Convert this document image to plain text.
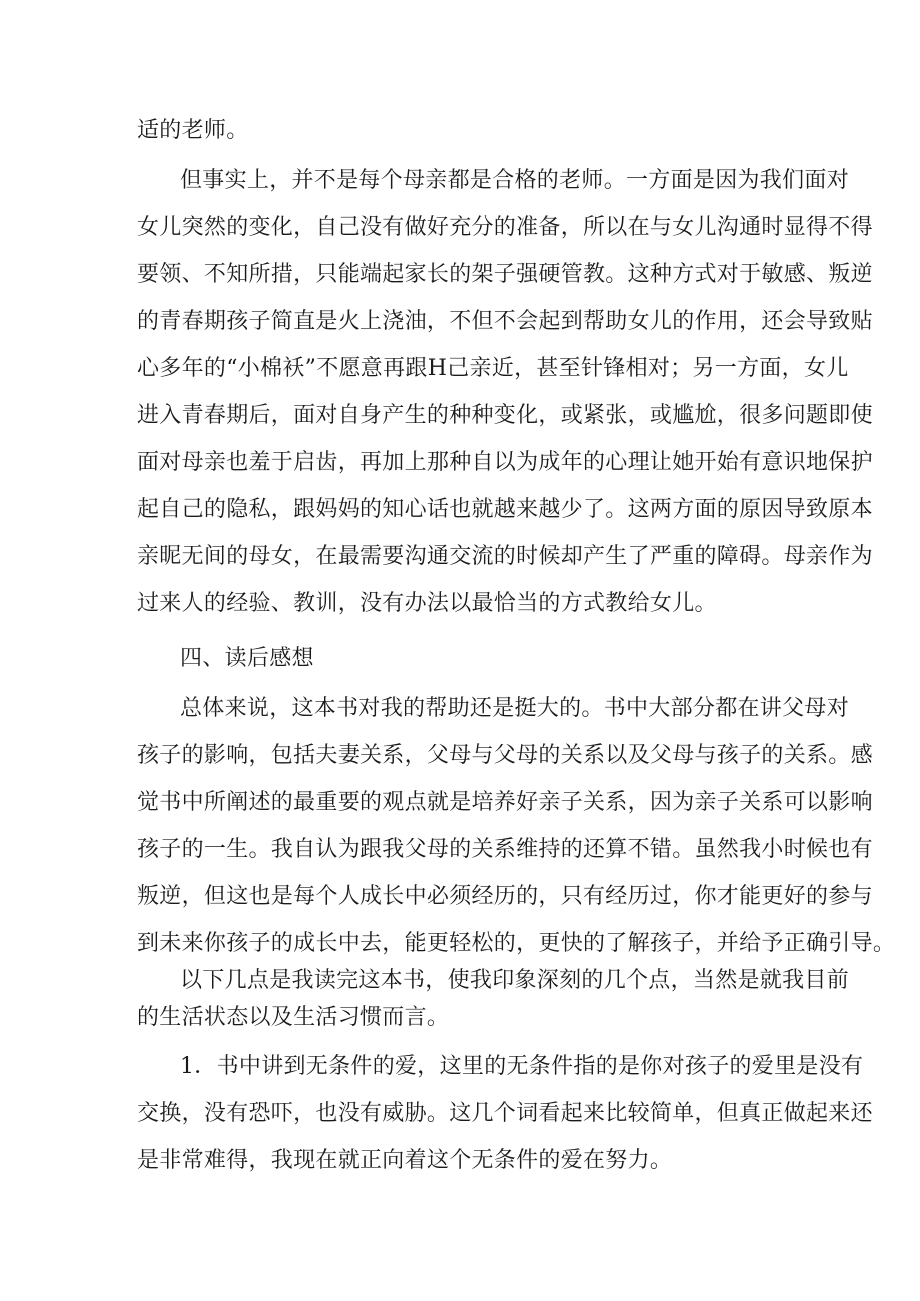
适的老师。
但事实上，并不是每个母亲都是合格的老师。一方面是因为我们面对
女儿突然的变化，自己没有做好充分的准备，所以在与女儿沟通时显得不得
要领、不知所措，只能端起家长的架子强硬管教。这种方式对于敏感、叛逆
的青春期孩子简直是火上浇油，不但不会起到帮助女儿的作用，还会导致贴
心多年的“小棉袄”不愿意再跟H己亲近，甚至针锋相对；另一方面，女儿
进入青春期后，面对自身产生的种种变化，或紧张，或尴尬，很多问题即使
面对母亲也羞于启齿，再加上那种自以为成年的心理让她开始有意识地保护
起自己的隐私，跟妈妈的知心话也就越来越少了。这两方面的原因导致原本
亲昵无间的母女，在最需要沟通交流的时候却产生了严重的障碍。母亲作为
过来人的经验、教训，没有办法以最恰当的方式教给女儿。
四、读后感想
总体来说，这本书对我的帮助还是挺大的。书中大部分都在讲父母对
孩子的影响，包括夫妻关系，父母与父母的关系以及父母与孩子的关系。感
觉书中所阐述的最重要的观点就是培养好亲子关系，因为亲子关系可以影响
孩子的一生。我自认为跟我父母的关系维持的还算不错。虽然我小时候也有
叛逆，但这也是每个人成长中必须经历的，只有经历过，你才能更好的参与
到未来你孩子的成长中去，能更轻松的，更快的了解孩子，并给予正确引导。
以下几点是我读完这本书，使我印象深刻的几个点，当然是就我目前
的生活状态以及生活习惯而言。
1．书中讲到无条件的爱，这里的无条件指的是你对孩子的爱里是没有
交换，没有恐吓，也没有威胁。这几个词看起来比较简单，但真正做起来还
是非常难得，我现在就正向着这个无条件的爱在努力。
